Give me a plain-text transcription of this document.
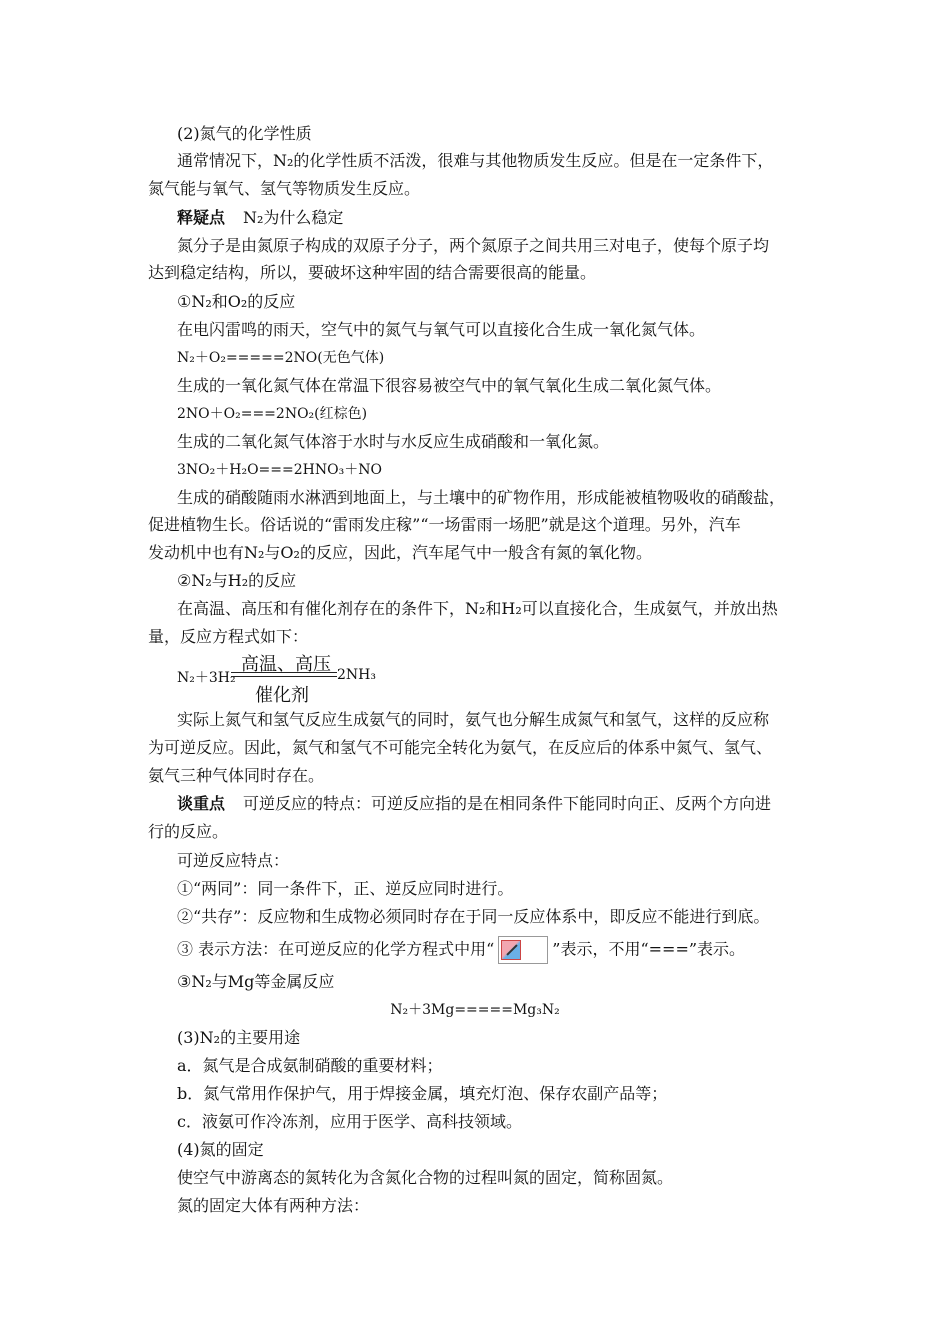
(2)氮气的化学性质
通常情况下，N₂的化学性质不活泼，很难与其他物质发生反应。但是在一定条件下，
氮气能与氧气、氢气等物质发生反应。
释疑点 N₂为什么稳定
氮分子是由氮原子构成的双原子分子，两个氮原子之间共用三对电子，使每个原子均
达到稳定结构，所以，要破坏这种牢固的结合需要很高的能量。
①N₂和O₂的反应
在电闪雷鸣的雨天，空气中的氮气与氧气可以直接化合生成一氧化氮气体。
N₂＋O₂=====2NO(无色气体)
生成的一氧化氮气体在常温下很容易被空气中的氧气氧化生成二氧化氮气体。
2NO＋O₂===2NO₂(红棕色)
生成的二氧化氮气体溶于水时与水反应生成硝酸和一氧化氮。
3NO₂＋H₂O===2HNO₃＋NO
生成的硝酸随雨水淋洒到地面上，与土壤中的矿物作用，形成能被植物吸收的硝酸盐，
促进植物生长。俗话说的“雷雨发庄稼”“一场雷雨一场肥”就是这个道理。另外，汽车
发动机中也有N₂与O₂的反应，因此，汽车尾气中一般含有氮的氧化物。
②N₂与H₂的反应
在高温、高压和有催化剂存在的条件下，N₂和H₂可以直接化合，生成氨气，并放出热
量，反应方程式如下：
N₂＋3H₂
高温、高压
催化剂
2NH₃
实际上氮气和氢气反应生成氨气的同时，氨气也分解生成氮气和氢气，这样的反应称
为可逆反应。因此，氮气和氢气不可能完全转化为氨气，在反应后的体系中氮气、氢气、
氨气三种气体同时存在。
谈重点 可逆反应的特点：可逆反应指的是在相同条件下能同时向正、反两个方向进
行的反应。
可逆反应特点：
①“两同”：同一条件下，正、逆反应同时进行。
②“共存”：反应物和生成物必须同时存在于同一反应体系中，即反应不能进行到底。
③ 表示方法：在可逆反应的化学方程式中用“	”表示，不用“===”表示。
③N₂与Mg等金属反应
N₂＋3Mg=====Mg₃N₂
(3)N₂的主要用途
a．氮气是合成氨制硝酸的重要材料；
b．氮气常用作保护气，用于焊接金属，填充灯泡、保存农副产品等；
c．液氨可作冷冻剂，应用于医学、高科技领域。
(4)氮的固定
使空气中游离态的氮转化为含氮化合物的过程叫氮的固定，简称固氮。
氮的固定大体有两种方法：
